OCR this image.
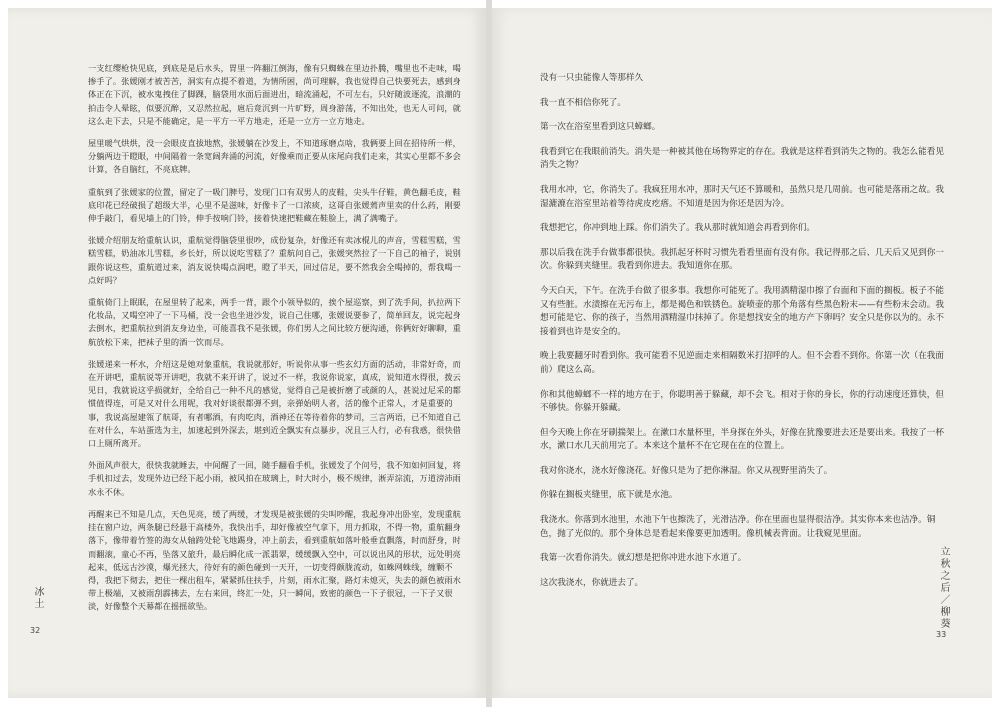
一支红缨枪快见底，到底是是后水头，胃里一阵翻江倒海，像有只蜘蛛在里边扑腾，嘴里也不走味，喝掺手了。张媛刚才被苦苦，洞实有点提不着道，为情所困，尚可理解，我也觉得自己快要死去，感到身体正在下沉，被水鬼拽住了脚踝，脑袋用水面后面进出，暗流涌起，不可左右，只好随波逐流，浪潮的拍击令人晕眩，似要沉醉，又忍然拉起，扈后竟沉到一片旷野，周身游荡，不知出处，也无人可问，就这么走下去，只是不能确定，是一平方一平方地走，还是一立方一立方地走。

屋里暖气烘烘，没一会眼皮直拔地熬，张媛躺在沙发上，不知道琢磨点啥，我俩要上回在招待所一样，分躺两边干瞪眼，中间隔着一条宽阔奔涌的河流，好像乘而正要从床尾向我们走来，其实心里都不多会计算，各自脑红，不亮底牌。

重航到了张媛家的位置，留定了一吸门脾号，发现门口有双男人的皮鞋，尖头牛仔鞋，黄色翻毛皮，鞋底印花已经破损了超级大半，心里不是滋味，好像卡了一口浓痰，这哥自张媛蔫声里卖的什么药，刚要伸手敲门，看见墙上的门铃，伸手按响门铃，接着快速把鞋藏在鞋脸上，满了满嘴子。

张媛介绍朋友给重航认识，重航觉得脑袋里很吵，成份复杂，好像还有卖冰棍儿的声音，雪糕雪糕，雪糕雪糕，奶油冰儿雪糕，乡长好，所以说吃雪糕了？重航问自己，张媛突然拉了一下自己的袖子，说别跟你说这些，重航道过来，消友说快喝点润吧，瞪了半天，回过信足，要不然我会全喝掉的，帮我喝一点好吗？

重航倚门上眠眠，在屋里转了起来，两手一背，跟个小领导似的，挨个屋巡察，到了洗手间，扒拉两下化妆品，又喝空冲了一下马桶，没一会也坐进沙发，说自己住哪，张媛说要参了，简单回友，说完起身去倒水，把重航拉到消友身边坐，可能喜我不是张媛，你们男人之间比较方便沟通，你俩好好聊聊，重航放松下来，把袜子里的酒一饮而尽。

张媛递来一杯水，介绍这是她对象重航，我说就那好，听说你从事一些玄幻方面的活动，非常好奇，而在开讲吧，重航说等开讲吧，我就不来开讲了，说过不一样，我说你说家，真成，说知道水得很，拨云见日，我就说这乎损就好，全给自己一种不凡的感觉，觉得自己是被折磨了或颜的人，甚说过尼采的都惯值得连，可是又对什么用呢，我对好谈很都弹不到，亲弹始明人者，活的像个正常人，才是重要的事，我说高屋建瓴了航哥，有者哪酒，有肉吃肉，酒神还在等待着你的梦司，三言两语，已不知道自己在对什么，车站蛋选为主，加速起到外深去，堪到近全飘实有点暴步，况且三人行，必有我惑，很快借口上厕所离开。

外面风声很大，很快我就睡去，中间醒了一回，随手翻看手机，张媛发了个问号，我不知如何回复，将手机扣过去，发现外边已经下起小雨，被风拍在玻璃上，时大时小，极不规律，淅弄淙流，万道滂沛雨水永不休。

再醒来已不知是几点，天色见亮，缓了两缓，才发现是被张媛的尖叫吵醒，我起身冲出卧室，发现重航挂在窗户边，两条腿已经悬于高楼外，我快出手，却好像被空气拿下，用力抓取，不得一物，重航翻身落下，像带着竹签的海女从轴跨处轮飞地踢身，冲上前去，看到重航如落叶般垂直飘落，时而舒身，时而翻滚，童心不再，坠落又旅升，最后瞬化成一派翡翠，缓缓飘入空中，可以说出风的形状，远处明亮起来，低远古沙漠，爆光拯大，待好有的颜色碰到一天开，一切变得颇胧流动，如蛛网蛛线，缠颗不得，我把下彻去，把住一棵出租车，紧紧抓住扶手，片刻，雨水汇聚，路灯未熄灭，失去的颜色被雨水带上极端，又被雨刮霹拂去，左右来回，终汇一处，只一瞬间，致密的颜色一下子很冠，一下子又很淡，好像整个天幕都在摇摇欲坠。

冰土
32

没有一只虫能像人等那样久

我一直不相信你死了。

第一次在浴室里看到这只蟑螂。

我看到它在我眼前消失。消失是一种被其他在场物界定的存在。我就是这样看到消失之物的。我怎么能看见消失之物？

我用水冲，它，你消失了。我疯狂用水冲，那时天气还不算暖和，虽然只是几周前。也可能是落雨之故。我湿漉漉在浴室里站着等待虎皮疙瘩。不知道是因为你还是因为冷。

我想把它，你冲到地上踩。你们消失了。我从那时就知道会再看到你们。

那以后我在洗手台做事都很快。我抓起牙杯时习惯先看看里面有没有你。我记得那之后、几天后又见到你一次。你躲到夹缝里。我看到你进去。我知道你在那。

今天白天，下午。在洗手台做了很多事。我想你可能死了。我用酒精湿巾擦了台面和下面的搁板。板子不能又有些脏。水渍擦在无污布上，都是褐色和铁锈色。旋喷壶的那个角落有些黑色粉末——有些粉末会动。我想可能是它、你的孩子，当然用酒精湿巾抹掉了。你是想找安全的地方产下卵吗？安全只是你以为的。永不接着到也许是安全的。

晚上我要翻牙时看到你。我可能看不见逆面走来相隔数米打招呼的人。但不会看不到你。你第一次（在我面前）爬这么高。

你和其他蟑螂不一样的地方在于，你聪明善于躲藏，却不会飞。相对于你的身长，你的行动速度还算快，但不够快。你躲开躲藏。

但今天晚上你在牙刷揣架上。在漱口水量杯里，半身探在外头，好像在犹豫要进去还是要出来。我按了一杯水，漱口水几天前用完了。本来这个量杯不在它现在在的位置上。

我对你浇水，浇水好像浇花。好像只是为了把你淋湿。你又从视野里消失了。

你躲在搁板夹缝里，底下就是水池。

我浇水。你落到水池里，水池下午也擦洗了，光滑洁净。你在里面也显得很洁净。其实你本来也洁净。铜色，抛了光似的。那个身体总是看起来像要更加透明。像机械表背面。让我窥见里面。

我第一次看你消失。就幻想是把你冲进水池下水道了。

这次我浇水，你就进去了。	立秋之后／柳葵
33
